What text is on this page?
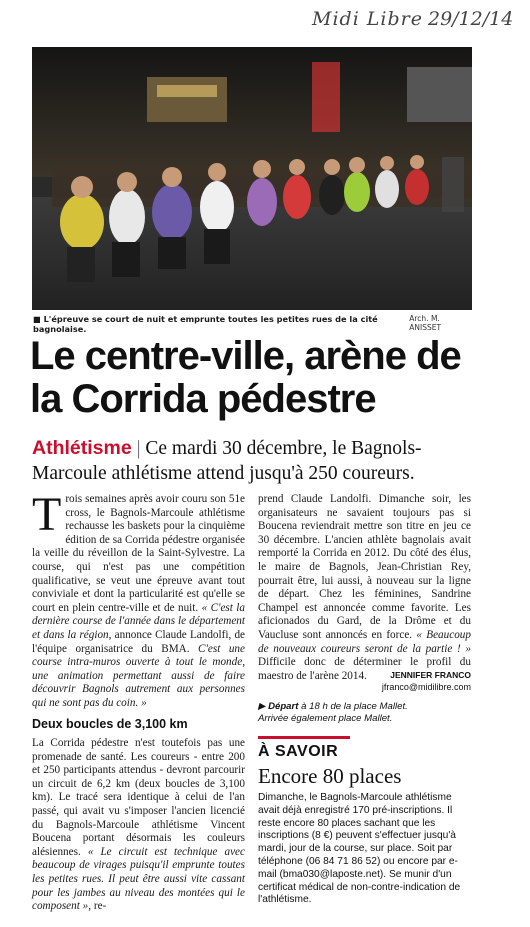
Midi Libre 29/12/14
■ L'épreuve se court de nuit et emprunte toutes les petites rues de la cité bagnolaise.
Arch. M. ANISSET
Le centre-ville, arène de la Corrida pédestre
Athlétisme | Ce mardi 30 décembre, le Bagnols-Marcoule athlétisme attend jusqu'à 250 coureurs.

T rois semaines après avoir couru son 51e cross, le Bagnols-Marcoule athlétisme rechausse les baskets pour la cinquième édition de sa Corrida pédestre organisée la veille du réveillon de la Saint-Sylvestre. La course, qui n'est pas une compétition qualificative, se veut une épreuve avant tout conviviale et dont la particularité est qu'elle se court en plein centre-ville et de nuit. « C'est la dernière course de l'année dans le département et dans la région, annonce Claude Landolfi, de l'équipe organisatrice du BMA. C'est une course intra-muros ouverte à tout le monde, une animation permettant aussi de faire découvrir Bagnols autrement aux personnes qui ne sont pas du coin. »

Deux boucles de 3,100 km

La Corrida pédestre n'est toutefois pas une promenade de santé. Les coureurs - entre 200 et 250 participants attendus - devront parcourir un circuit de 6,2 km (deux boucles de 3,100 km). Le tracé sera identique à celui de l'an passé, qui avait vu s'imposer l'ancien licencié du Bagnols-Marcoule athlétisme Vincent Boucena portant désormais les couleurs alésiennes. « Le circuit est technique avec beaucoup de virages puisqu'il emprunte toutes les petites rues. Il peut être aussi vite cassant pour les jambes au niveau des montées qui le composent », re-

prend Claude Landolfi. Dimanche soir, les organisateurs ne savaient toujours pas si Boucena reviendrait mettre son titre en jeu ce 30 décembre. L'ancien athlète bagnolais avait remporté la Corrida en 2012. Du côté des élus, le maire de Bagnols, Jean-Christian Rey, pourrait être, lui aussi, à nouveau sur la ligne de départ. Chez les féminines, Sandrine Champel est annoncée comme favorite. Les aficionados du Gard, de la Drôme et du Vaucluse sont annoncés en force. « Beaucoup de nouveaux coureurs seront de la partie ! » Difficile donc de déterminer le profil du maestro de l'arène 2014.	JENNIFER FRANCO
jfranco@midilibre.com
▶ Départ à 18 h de la place Mallet.
Arrivée également place Mallet.
À SAVOIR
Encore 80 places
Dimanche, le Bagnols-Marcoule athlétisme avait déjà enregistré 170 pré-inscriptions. Il reste encore 80 places sachant que les inscriptions (8 €) peuvent s'effectuer jusqu'à mardi, jour de la course, sur place. Soit par téléphone (06 84 71 86 52) ou encore par e-mail (bma030@laposte.net). Se munir d'un certificat médical de non-contre-indication de l'athlétisme.
